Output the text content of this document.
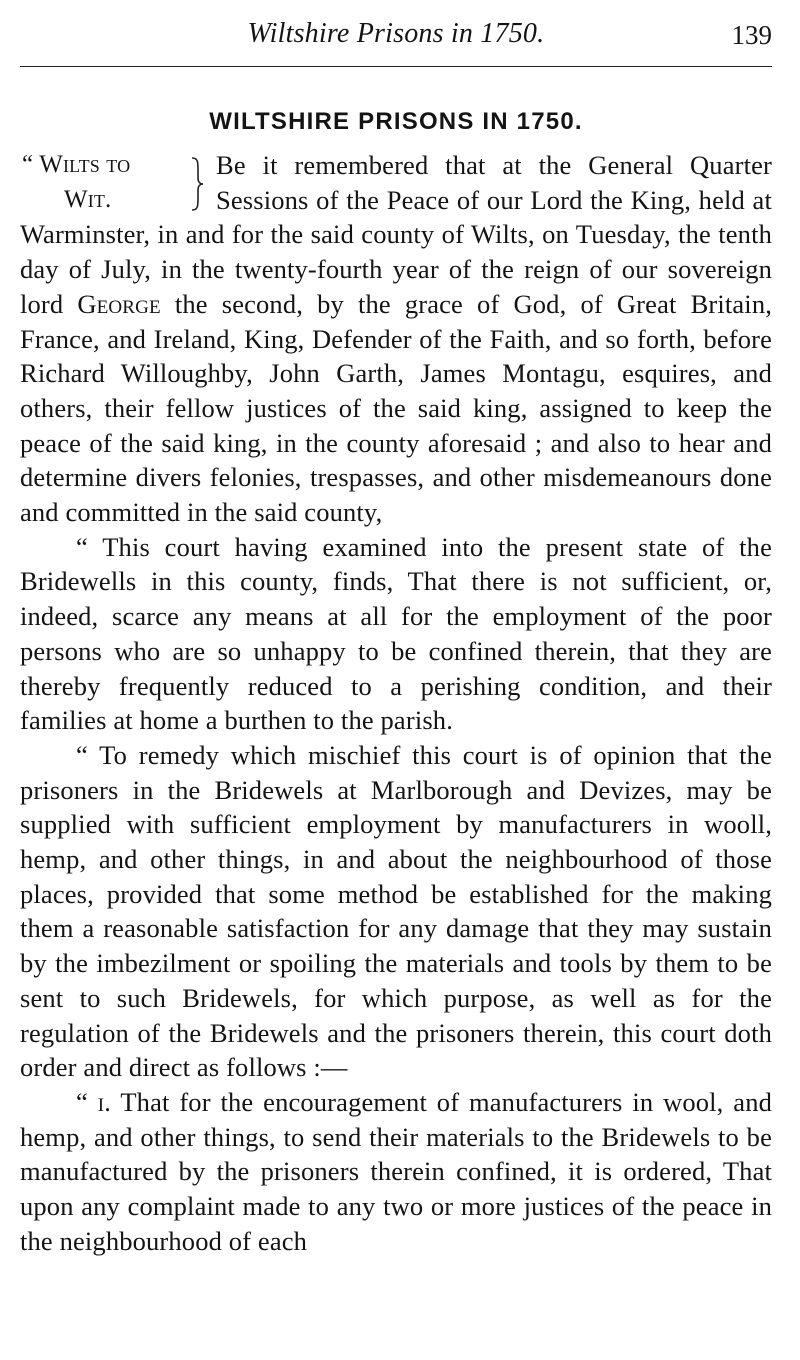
Wiltshire Prisons in 1750.	139
WILTSHIRE PRISONS IN 1750.

“ Wilts to
Wit.
Be it remembered that at the General Quarter Sessions of the Peace of our Lord the King, held at Warminster, in and for the said county of Wilts, on Tuesday, the tenth day of July, in the twenty-fourth year of the reign of our sovereign lord George the second, by the grace of God, of Great Britain, France, and Ireland, King, Defender of the Faith, and so forth, before Richard Willoughby, John Garth, James Montagu, esquires, and others, their fellow justices of the said king, assigned to keep the peace of the said king, in the county aforesaid ; and also to hear and determine divers felonies, trespasses, and other misdemeanours done and committed in the said county,

“ This court having examined into the present state of the Bridewells in this county, finds, That there is not sufficient, or, indeed, scarce any means at all for the employment of the poor persons who are so unhappy to be confined therein, that they are thereby frequently reduced to a perishing condition, and their families at home a burthen to the parish.

“ To remedy which mischief this court is of opinion that the prisoners in the Bridewels at Marlborough and Devizes, may be supplied with sufficient employment by manufacturers in wooll, hemp, and other things, in and about the neighbourhood of those places, provided that some method be established for the making them a reasonable satisfaction for any damage that they may sustain by the imbezilment or spoiling the materials and tools by them to be sent to such Bridewels, for which purpose, as well as for the regulation of the Bridewels and the prisoners therein, this court doth order and direct as follows :—

“ i. That for the encouragement of manufacturers in wool, and hemp, and other things, to send their materials to the Bridewels to be manufactured by the prisoners therein confined, it is ordered, That upon any complaint made to any two or more justices of the peace in the neighbourhood of each
